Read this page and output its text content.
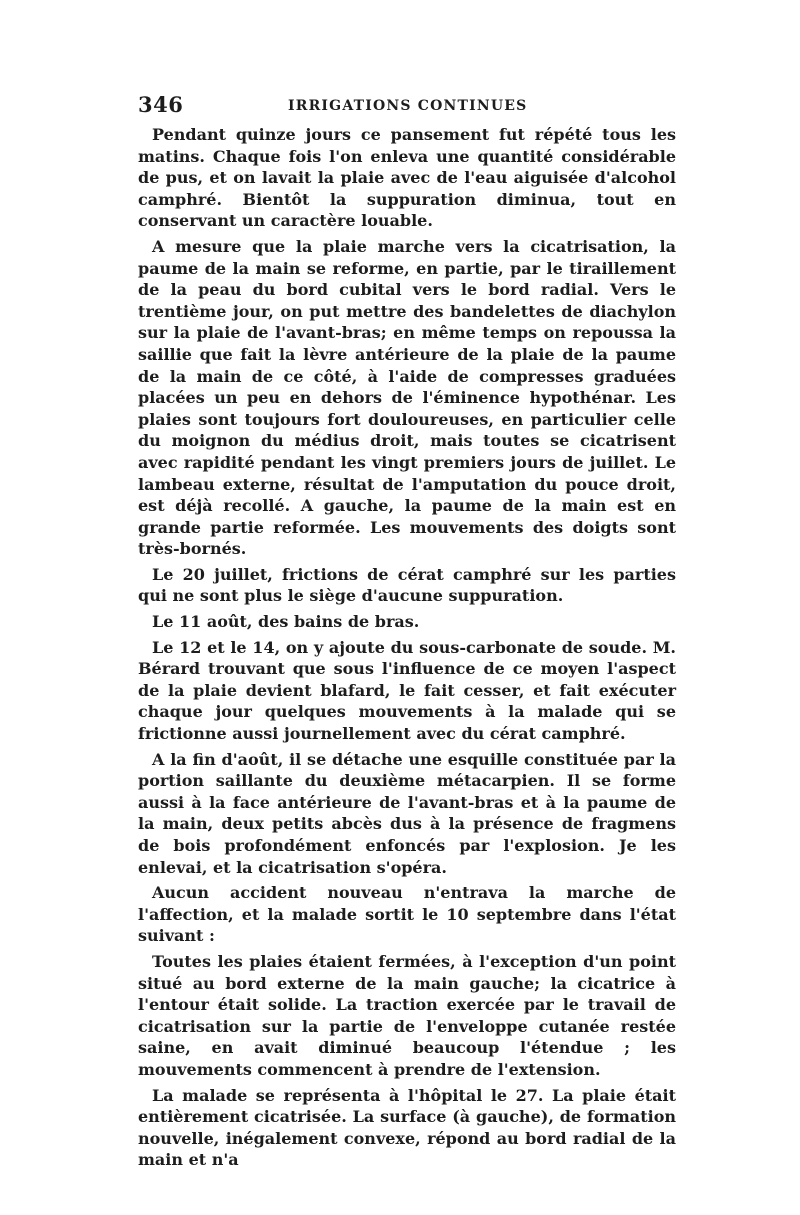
346	IRRIGATIONS CONTINUES

Pendant quinze jours ce pansement fut répété tous les matins. Chaque fois l'on enleva une quantité considérable de pus, et on lavait la plaie avec de l'eau aiguisée d'alcohol camphré. Bientôt la suppuration diminua, tout en conservant un caractère louable.

A mesure que la plaie marche vers la cicatrisation, la paume de la main se reforme, en partie, par le tiraillement de la peau du bord cubital vers le bord radial. Vers le trentième jour, on put mettre des bandelettes de diachylon sur la plaie de l'avant-bras; en même temps on repoussa la saillie que fait la lèvre antérieure de la plaie de la paume de la main de ce côté, à l'aide de compresses graduées placées un peu en dehors de l'éminence hypothénar. Les plaies sont toujours fort douloureuses, en particulier celle du moignon du médius droit, mais toutes se cicatrisent avec rapidité pendant les vingt premiers jours de juillet. Le lambeau externe, résultat de l'amputation du pouce droit, est déjà recollé. A gauche, la paume de la main est en grande partie reformée. Les mouvements des doigts sont très-bornés.

Le 20 juillet, frictions de cérat camphré sur les parties qui ne sont plus le siège d'aucune suppuration.

Le 11 août, des bains de bras.

Le 12 et le 14, on y ajoute du sous-carbonate de soude. M. Bérard trouvant que sous l'influence de ce moyen l'aspect de la plaie devient blafard, le fait cesser, et fait exécuter chaque jour quelques mouvements à la malade qui se frictionne aussi journellement avec du cérat camphré.

A la fin d'août, il se détache une esquille constituée par la portion saillante du deuxième métacarpien. Il se forme aussi à la face antérieure de l'avant-bras et à la paume de la main, deux petits abcès dus à la présence de fragmens de bois profondément enfoncés par l'explosion. Je les enlevai, et la cicatrisation s'opéra.

Aucun accident nouveau n'entrava la marche de l'affection, et la malade sortit le 10 septembre dans l'état suivant :

Toutes les plaies étaient fermées, à l'exception d'un point situé au bord externe de la main gauche; la cicatrice à l'entour était solide. La traction exercée par le travail de cicatrisation sur la partie de l'enveloppe cutanée restée saine, en avait diminué beaucoup l'étendue ; les mouvements commencent à prendre de l'extension.

La malade se représenta à l'hôpital le 27. La plaie était entièrement cicatrisée. La surface (à gauche), de formation nouvelle, inégalement convexe, répond au bord radial de la main et n'a
